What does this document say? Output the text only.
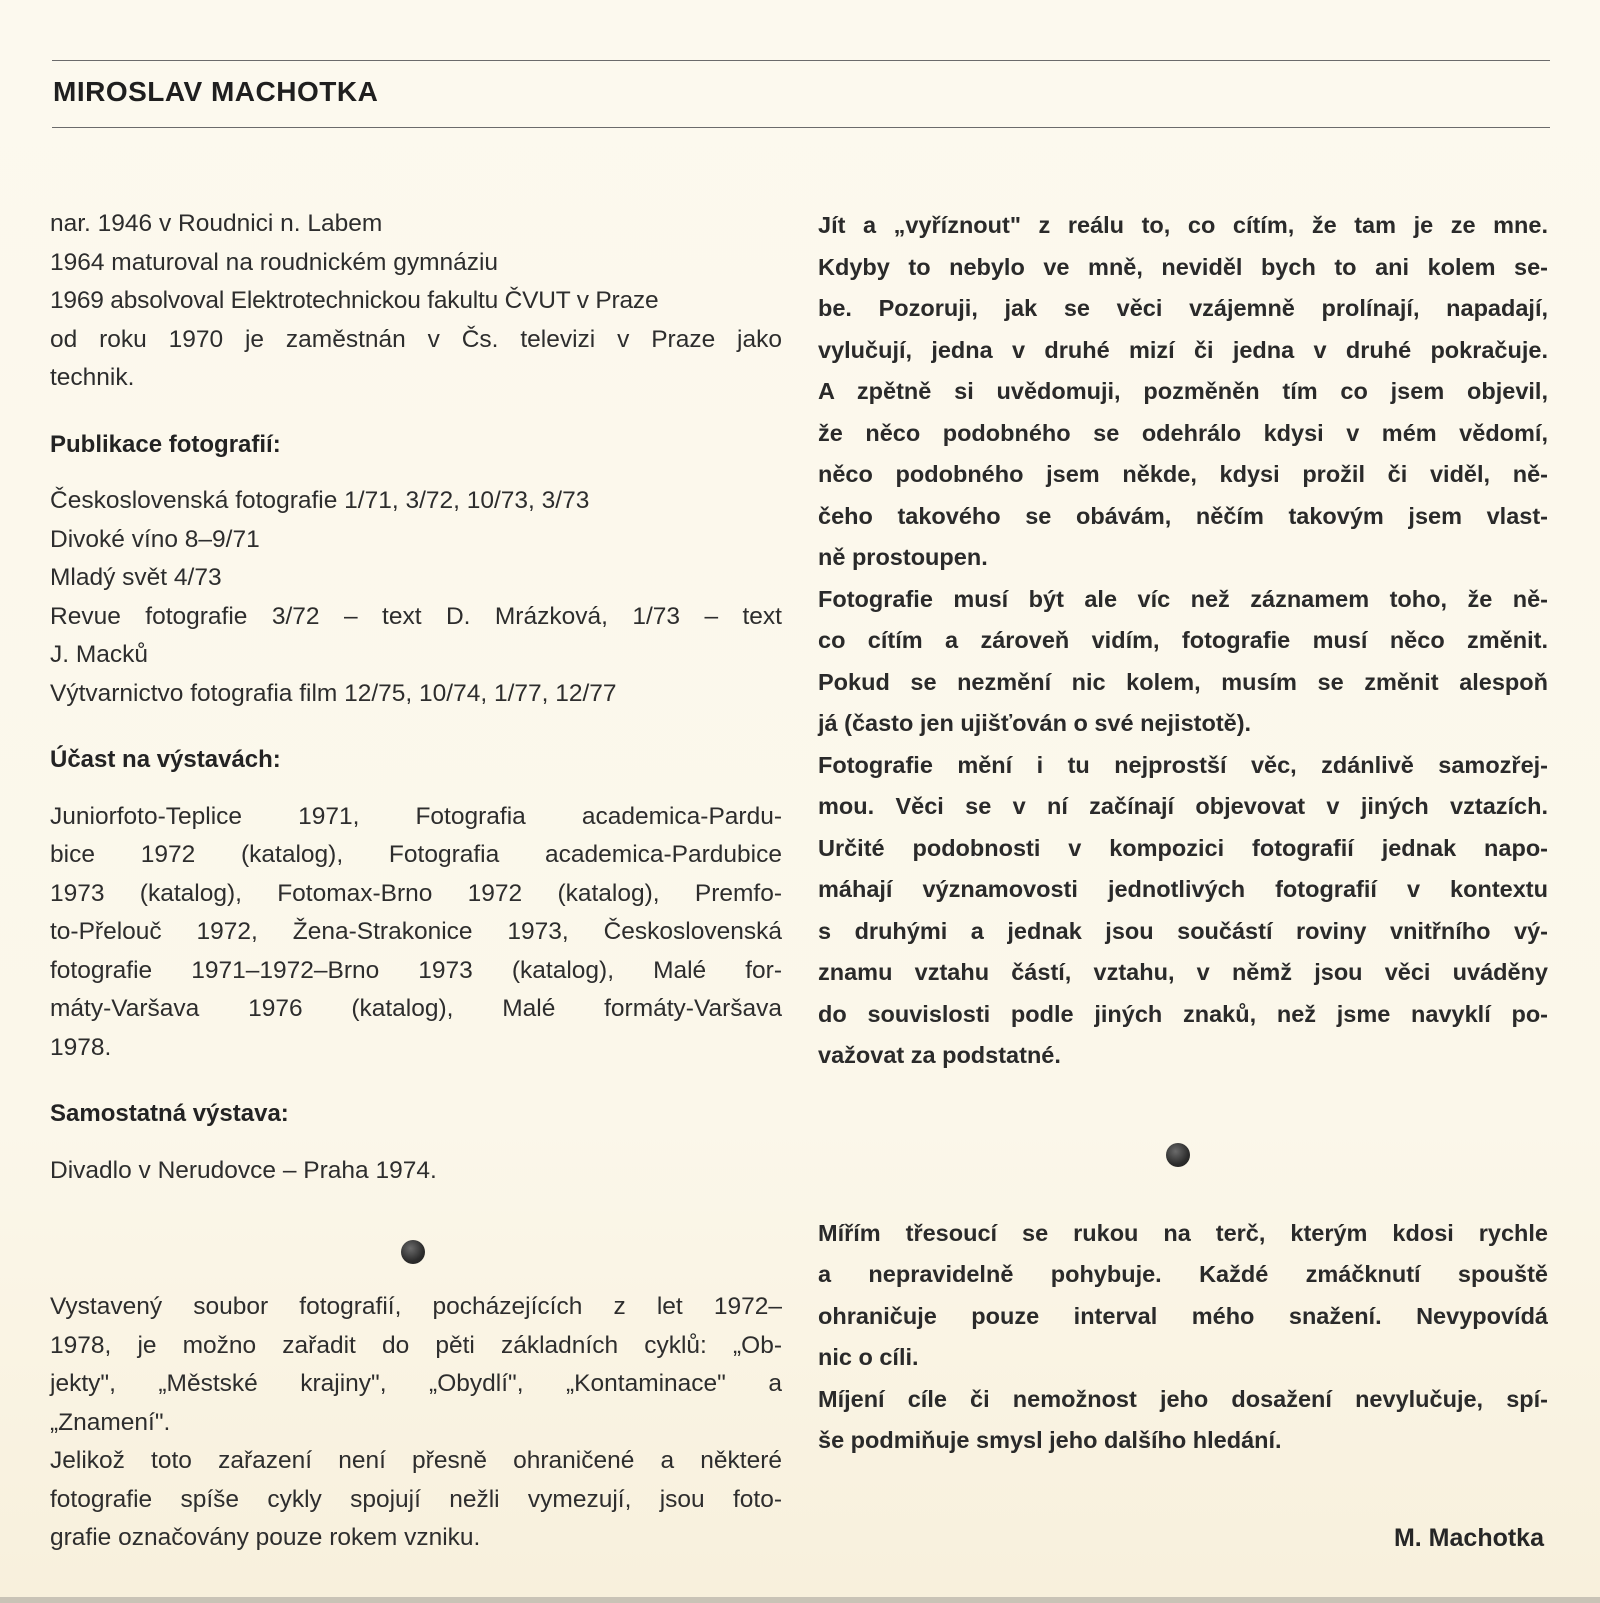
MIROSLAV MACHOTKA
nar. 1946 v Roudnici n. Labem
1964 maturoval na roudnickém gymnáziu
1969 absolvoval Elektrotechnickou fakultu ČVUT v Praze
od roku 1970 je zaměstnán v Čs. televizi v Praze jako
technik.
Publikace fotografií:
Československá fotografie 1/71, 3/72, 10/73, 3/73
Divoké víno 8–9/71
Mladý svět 4/73
Revue fotografie 3/72 – text D. Mrázková, 1/73 – text
J. Macků
Výtvarnictvo fotografia film 12/75, 10/74, 1/77, 12/77
Účast na výstavách:
Juniorfoto-Teplice 1971, Fotografia academica-Pardu-
bice 1972 (katalog), Fotografia academica-Pardubice
1973 (katalog), Fotomax-Brno 1972 (katalog), Premfo-
to-Přelouč 1972, Žena-Strakonice 1973, Československá
fotografie 1971–1972–Brno 1973 (katalog), Malé for-
máty-Varšava 1976 (katalog), Malé formáty-Varšava
1978.
Samostatná výstava:
Divadlo v Nerudovce – Praha 1974.
Vystavený soubor fotografií, pocházejících z let 1972–
1978, je možno zařadit do pěti základních cyklů: „Ob-
jekty", „Městské krajiny", „Obydlí", „Kontaminace" a
„Znamení".
Jelikož toto zařazení není přesně ohraničené a některé
fotografie spíše cykly spojují nežli vymezují, jsou foto-
grafie označovány pouze rokem vzniku.
Jít a „vyříznout" z reálu to, co cítím, že tam je ze mne.
Kdyby to nebylo ve mně, neviděl bych to ani kolem se-
be. Pozoruji, jak se věci vzájemně prolínají, napadají,
vylučují, jedna v druhé mizí či jedna v druhé pokračuje.
A zpětně si uvědomuji, pozměněn tím co jsem objevil,
že něco podobného se odehrálo kdysi v mém vědomí,
něco podobného jsem někde, kdysi prožil či viděl, ně-
čeho takového se obávám, něčím takovým jsem vlast-
ně prostoupen.
Fotografie musí být ale víc než záznamem toho, že ně-
co cítím a zároveň vidím, fotografie musí něco změnit.
Pokud se nezmění nic kolem, musím se změnit alespoň
já (často jen ujišťován o své nejistotě).
Fotografie mění i tu nejprostší věc, zdánlivě samozřej-
mou. Věci se v ní začínají objevovat v jiných vztazích.
Určité podobnosti v kompozici fotografií jednak napo-
máhají významovosti jednotlivých fotografií v kontextu
s druhými a jednak jsou součástí roviny vnitřního vý-
znamu vztahu částí, vztahu, v němž jsou věci uváděny
do souvislosti podle jiných znaků, než jsme navyklí po-
važovat za podstatné.
Mířím třesoucí se rukou na terč, kterým kdosi rychle
a nepravidelně pohybuje. Každé zmáčknutí spouště
ohraničuje pouze interval mého snažení. Nevypovídá
nic o cíli.
Míjení cíle či nemožnost jeho dosažení nevylučuje, spí-
še podmiňuje smysl jeho dalšího hledání.
M. Machotka
